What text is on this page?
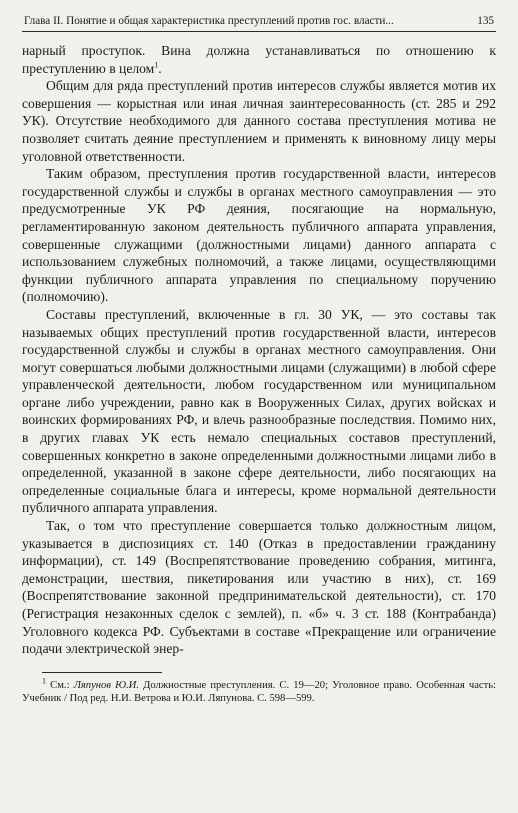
Глава II. Понятие и общая характеристика преступлений против гос. власти...	135

нарный проступок. Вина должна устанавливаться по отношению к преступлению в целом$^1$.

Общим для ряда преступлений против интересов службы является мотив их совершения — корыстная или иная личная заинтересованность (ст. 285 и 292 УК). Отсутствие необходимого для данного состава преступления мотива не позволяет считать деяние преступлением и применять к виновному лицу меры уголовной ответственности.

Таким образом, преступления против государственной власти, интересов государственной службы и службы в органах местного самоуправления — это предусмотренные УК РФ деяния, посягающие на нормальную, регламентированную законом деятельность публичного аппарата управления, совершенные служащими (должностными лицами) данного аппарата с использованием служебных полномочий, а также лицами, осуществляющими функции публичного аппарата управления по специальному поручению (полномочию).

Составы преступлений, включенные в гл. 30 УК, — это составы так называемых общих преступлений против государственной власти, интересов государственной службы и службы в органах местного самоуправления. Они могут совершаться любыми должностными лицами (служащими) в любой сфере управленческой деятельности, любом государственном или муниципальном органе либо учреждении, равно как в Вооруженных Силах, других войсках и воинских формированиях РФ, и влечь разнообразные последствия. Помимо них, в других главах УК есть немало специальных составов преступлений, совершенных конкретно в законе определенными должностными лицами либо в определенной, указанной в законе сфере деятельности, либо посягающих на определенные социальные блага и интересы, кроме нормальной деятельности публичного аппарата управления.

Так, о том что преступление совершается только должностным лицом, указывается в диспозициях ст. 140 (Отказ в предоставлении гражданину информации), ст. 149 (Воспрепятствование проведению собрания, митинга, демонстрации, шествия, пикетирования или участию в них), ст. 169 (Воспрепятствование законной предпринимательской деятельности), ст. 170 (Регистрация незаконных сделок с землей), п. «б» ч. 3 ст. 188 (Контрабанда) Уголовного кодекса РФ. Субъектами в составе «Прекращение или ограничение подачи электрической энер-

$^1$ См.: Ляпунов Ю.И. Должностные преступления. С. 19—20; Уголовное право. Особенная часть: Учебник / Под ред. Н.И. Ветрова и Ю.И. Ляпунова. С. 598—599.
